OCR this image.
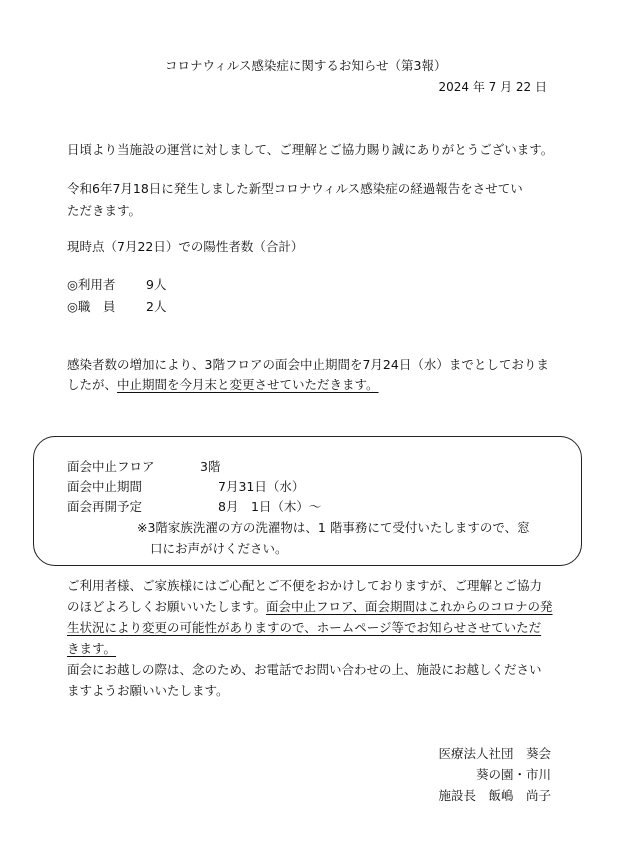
コロナウィルス感染症に関するお知らせ（第3報）
2024 年 7 月 22 日
日頃より当施設の運営に対しまして、ご理解とご協力賜り誠にありがとうございます。
令和6年7月18日に発生しました新型コロナウィルス感染症の経過報告をさせてい
ただきます。
現時点（7月22日）での陽性者数（合計）
◎利用者 9人
◎職　員 2人
感染者数の増加により、3階フロアの面会中止期間を7月24日（水）までとしておりま
したが、中止期間を今月末と変更させていただきます。
面会中止フロア	3階
面会中止期間	7月31日（水）
面会再開予定	8月　1日（木）～
※3階家族洗濯の方の洗濯物は、1 階事務にて受付いたしますので、窓
口にお声がけください。
ご利用者様、ご家族様にはご心配とご不便をおかけしておりますが、ご理解とご協力
のほどよろしくお願いいたします。面会中止フロア、面会期間はこれからのコロナの発
生状況により変更の可能性がありますので、ホームページ等でお知らせさせていただ
きます。
面会にお越しの際は、念のため、お電話でお問い合わせの上、施設にお越しください
ますようお願いいたします。
医療法人社団　葵会
葵の園・市川
施設長　飯嶋　尚子
